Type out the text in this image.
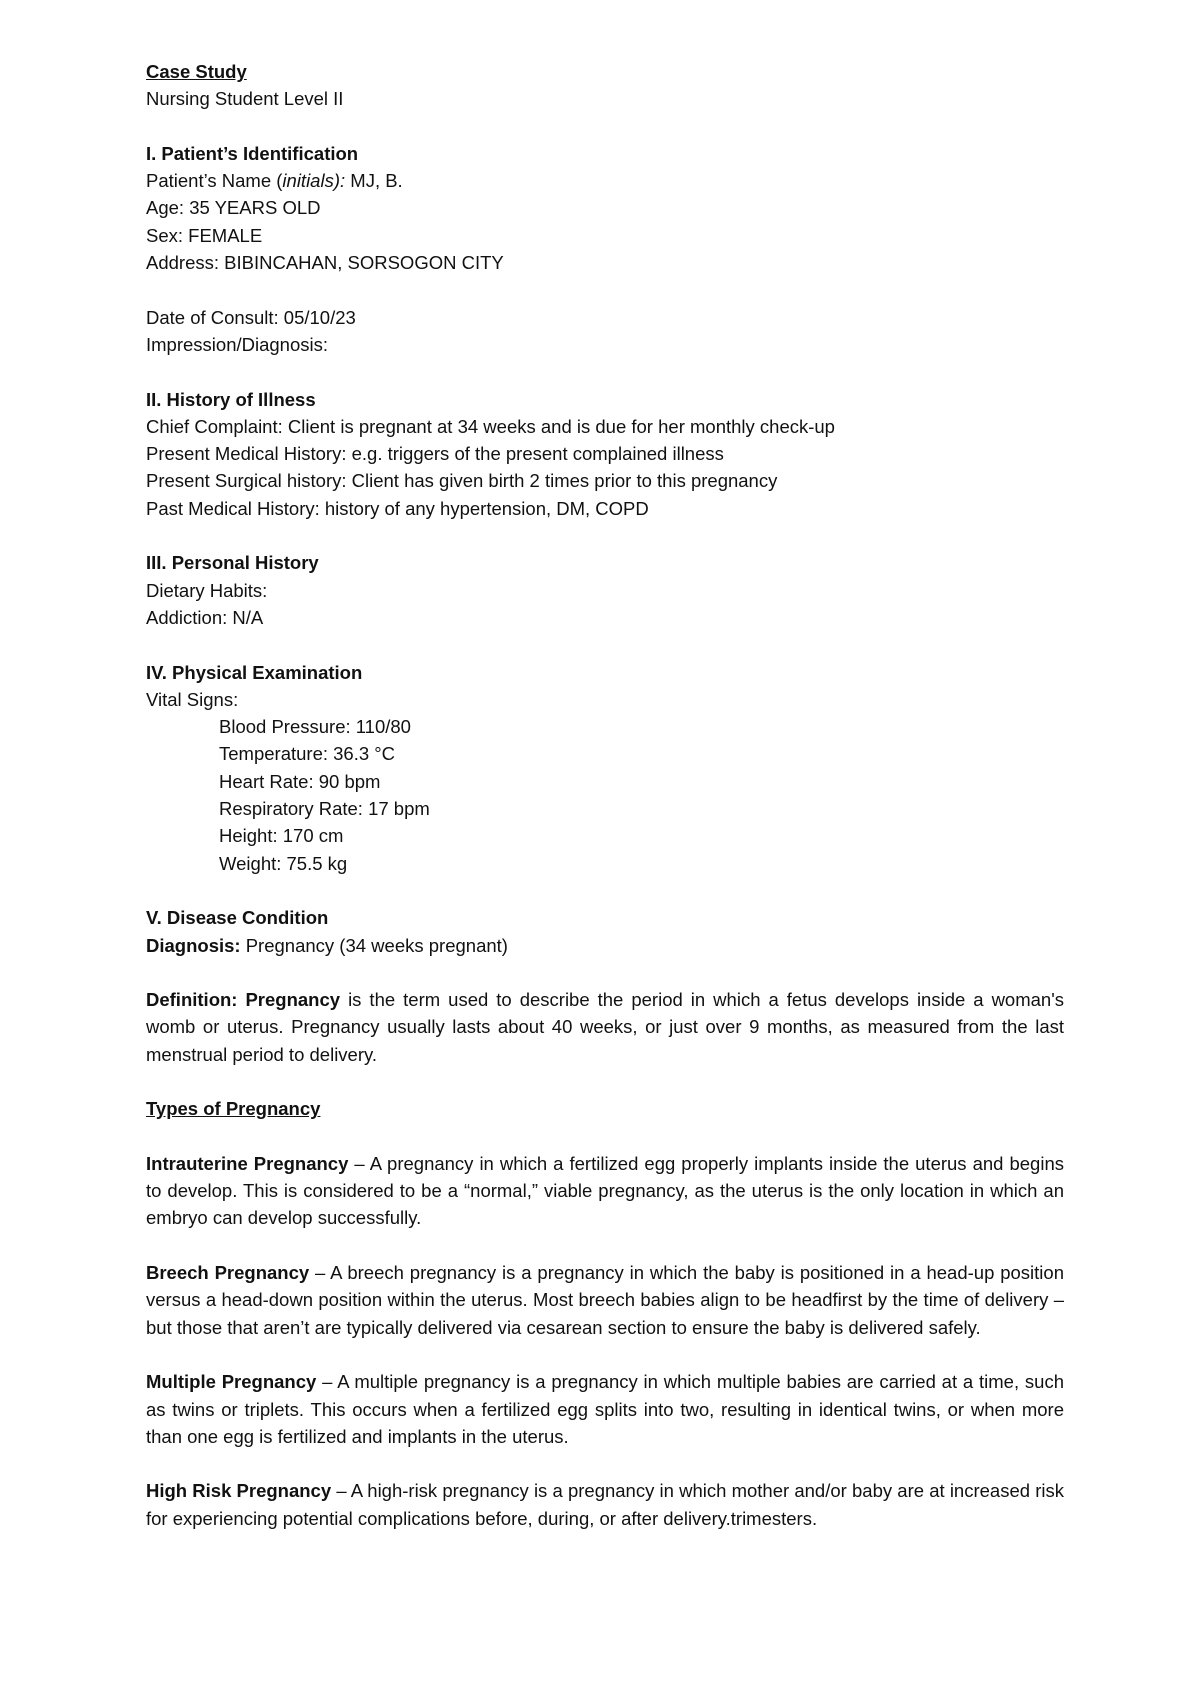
Case Study
Nursing Student Level II
I. Patient’s Identification
Patient’s Name (initials): MJ, B.
Age: 35 YEARS OLD
Sex: FEMALE
Address: BIBINCAHAN, SORSOGON CITY
Date of Consult: 05/10/23
Impression/Diagnosis:
II. History of Illness
Chief Complaint: Client is pregnant at 34 weeks and is due for her monthly check-up
Present Medical History: e.g. triggers of the present complained illness
Present Surgical history: Client has given birth 2 times prior to this pregnancy
Past Medical History: history of any hypertension, DM, COPD
III. Personal History
Dietary Habits:
Addiction: N/A
IV. Physical Examination
Vital Signs:
Blood Pressure: 110/80
Temperature: 36.3 °C
Heart Rate: 90 bpm
Respiratory Rate: 17 bpm
Height: 170 cm
Weight: 75.5 kg
V. Disease Condition
Diagnosis: Pregnancy (34 weeks pregnant)
Definition: Pregnancy is the term used to describe the period in which a fetus develops inside a woman's womb or uterus. Pregnancy usually lasts about 40 weeks, or just over 9 months, as measured from the last menstrual period to delivery.
Types of Pregnancy
Intrauterine Pregnancy – A pregnancy in which a fertilized egg properly implants inside the uterus and begins to develop. This is considered to be a “normal,” viable pregnancy, as the uterus is the only location in which an embryo can develop successfully.
Breech Pregnancy – A breech pregnancy is a pregnancy in which the baby is positioned in a head-up position versus a head-down position within the uterus. Most breech babies align to be headfirst by the time of delivery – but those that aren’t are typically delivered via cesarean section to ensure the baby is delivered safely.
Multiple Pregnancy – A multiple pregnancy is a pregnancy in which multiple babies are carried at a time, such as twins or triplets. This occurs when a fertilized egg splits into two, resulting in identical twins, or when more than one egg is fertilized and implants in the uterus.
High Risk Pregnancy – A high-risk pregnancy is a pregnancy in which mother and/or baby are at increased risk for experiencing potential complications before, during, or after delivery.trimesters.
